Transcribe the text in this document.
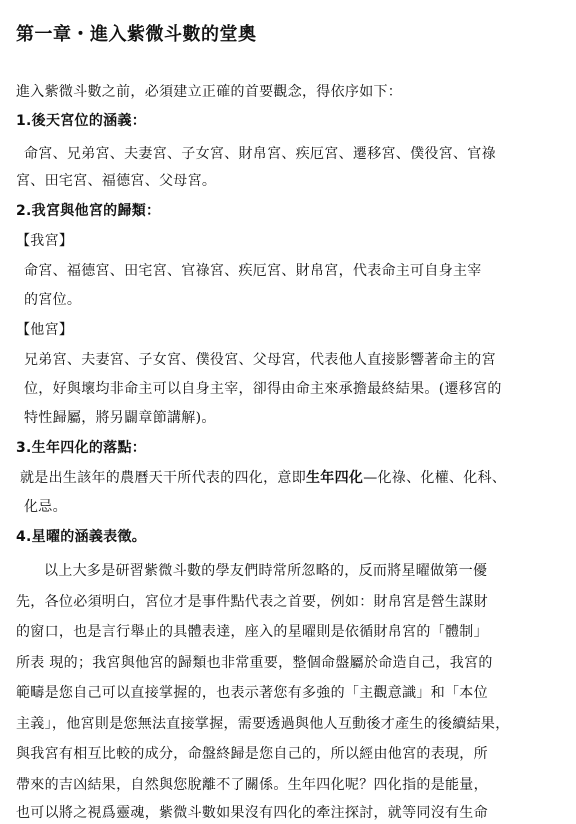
第一章・進入紫微斗數的堂奧
進入紫微斗數之前，必須建立正確的首要觀念，得依序如下：
1.後天宮位的涵義：
命宮、兄弟宮、夫妻宮、子女宮、財帛宮、疾厄宮、遷移宮、僕役宮、官祿
宮、田宅宮、福德宮、父母宮。
2.我宮與他宮的歸類：
【我宮】
命宮、福德宮、田宅宮、官祿宮、疾厄宮、財帛宮，代表命主可自身主宰
的宮位。
【他宮】
兄弟宮、夫妻宮、子女宮、僕役宮、父母宮，代表他人直接影響著命主的宮
位，好與壞均非命主可以自身主宰，卻得由命主來承擔最終結果。(遷移宮的
特性歸屬，將另闢章節講解)。
3.生年四化的落點：
就是出生該年的農曆天干所代表的四化，意即生年四化—化祿、化權、化科、
化忌。
4.星曜的涵義表徵。
以上大多是研習紫微斗數的學友們時常所忽略的，反而將星曜做第一優
先，各位必須明白，宮位才是事件點代表之首要，例如：財帛宮是營生謀財
的窗口，也是言行舉止的具體表達，座入的星曜則是依循財帛宮的「體制」
所表 現的；我宮與他宮的歸類也非常重要，整個命盤屬於命造自己，我宮的
範疇是您自己可以直接掌握的，也表示著您有多強的「主觀意識」和「本位
主義」，他宮則是您無法直接掌握，需要透過與他人互動後才產生的後續結果，
與我宮有相互比較的成分，命盤終歸是您自己的，所以經由他宮的表現，所
帶來的吉凶結果，自然與您脫離不了關係。生年四化呢？四化指的是能量，
也可以將之視爲靈魂，紫微斗數如果沒有四化的牽注探討，就等同沒有生命
